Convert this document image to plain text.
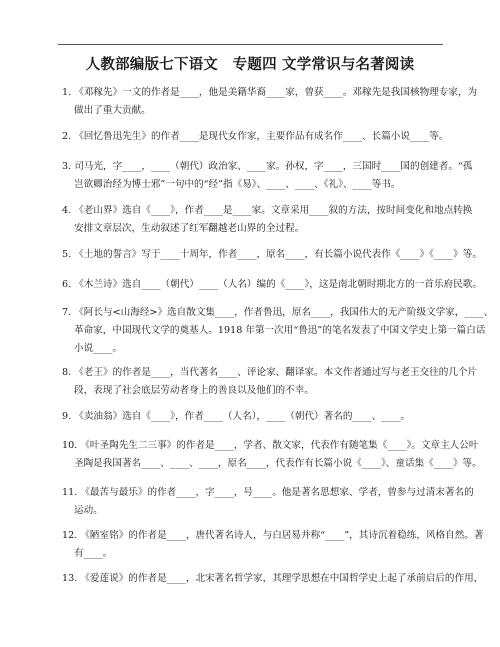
人教部编版七下语文　专题四 文学常识与名著阅读
1. 《邓稼先》一文的作者是____，他是美籍华裔____家，曾获____。邓稼先是我国核物理专家，为
做出了重大贡献。
2. 《回忆鲁迅先生》的作者____是现代女作家，主要作品有成名作____、长篇小说____等。
3. 司马光，字____，____（朝代）政治家、____家。孙权，字____，三国时____国的创建者。“孤
岂欲卿治经为博士邪”一句中的“经”指《易》、____、____、《礼》、____等书。
4. 《老山界》选自《____》，作者____是____家。文章采用____叙的方法，按时间变化和地点转换
安排文章层次，生动叙述了红军翻越老山界的全过程。
5. 《土地的誓言》写于____十周年，作者____，原名____，有长篇小说代表作《____》《____》等。
6. 《木兰诗》选自____（朝代）____（人名）编的《____》，这是南北朝时期北方的一首乐府民歌。
7. 《阿长与<山海经>》选自散文集____，作者鲁迅，原名____，我国伟大的无产阶级文学家，____、
革命家，中国现代文学的奠基人。1918 年第一次用“鲁迅”的笔名发表了中国文学史上第一篇白话
小说____。
8. 《老王》的作者是____，当代著名____、评论家、翻译家。本文作者通过写与老王交往的几个片
段，表现了社会底层劳动者身上的善良以及他们的不幸。
9. 《卖油翁》选自《____》，作者____（人名），____（朝代）著名的____、____。
10. 《叶圣陶先生二三事》的作者是____，学者、散文家，代表作有随笔集《____》。文章主人公叶
圣陶是我国著名____、____、____，原名____，代表作有长篇小说《____》、童话集《____》等。
11. 《最苦与最乐》的作者____，字____，号____。他是著名思想家、学者，曾参与过清末著名的
运动。
12. 《陋室铭》的作者是____，唐代著名诗人，与白居易并称“____”，其诗沉着稳练，风格自然。著
有____。
13. 《爱莲说》的作者是____，北宋著名哲学家，其理学思想在中国哲学史上起了承前启后的作用，
